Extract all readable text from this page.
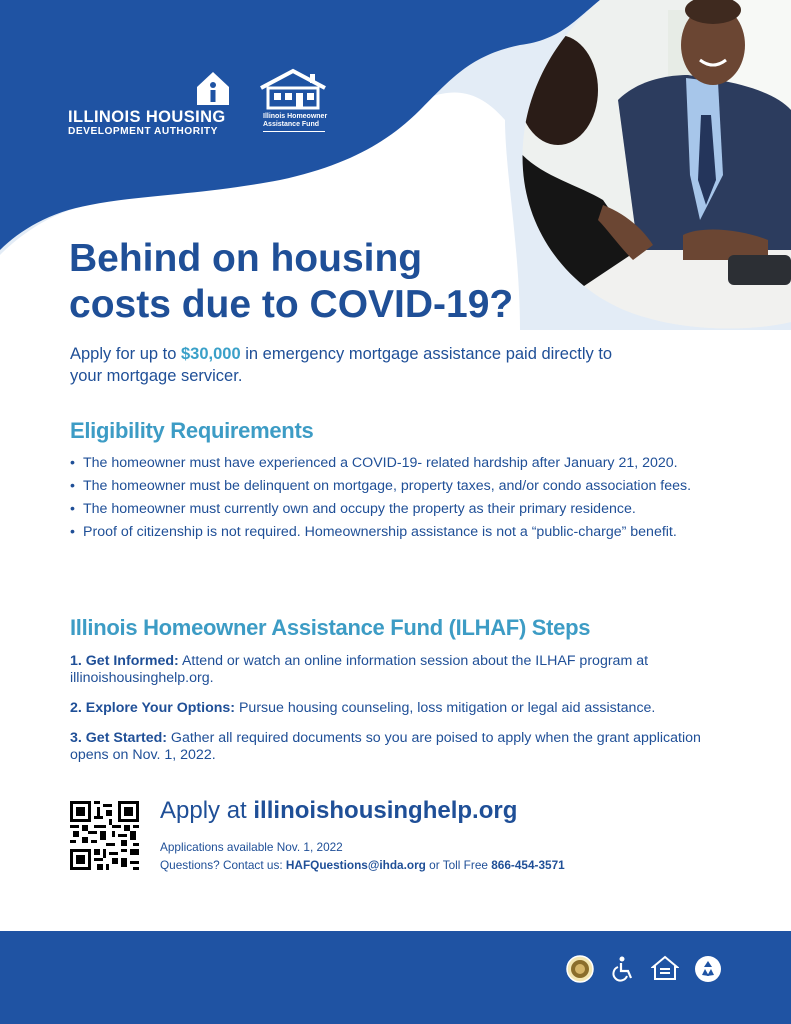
ILLINOIS HOUSING
DEVELOPMENT AUTHORITY
Illinois Homeowner
Assistance Fund
Behind on housing
costs due to COVID-19?
Apply for up to $30,000 in emergency mortgage assistance paid directly to your mortgage servicer.
Eligibility Requirements
• The homeowner must have experienced a COVID-19- related hardship after January 21, 2020.
• The homeowner must be delinquent on mortgage, property taxes, and/or condo association fees.
• The homeowner must currently own and occupy the property as their primary residence.
• Proof of citizenship is not required. Homeownership assistance is not a “public-charge” benefit.
Illinois Homeowner Assistance Fund (ILHAF) Steps
1. Get Informed: Attend or watch an online information session about the ILHAF program at illinoishousinghelp.org.
2. Explore Your Options: Pursue housing counseling, loss mitigation or legal aid assistance.
3. Get Started: Gather all required documents so you are poised to apply when the grant application opens on Nov. 1, 2022.
Apply at illinoishousinghelp.org
Applications available Nov. 1, 2022
Questions? Contact us: HAFQuestions@ihda.org or Toll Free 866-454-3571
